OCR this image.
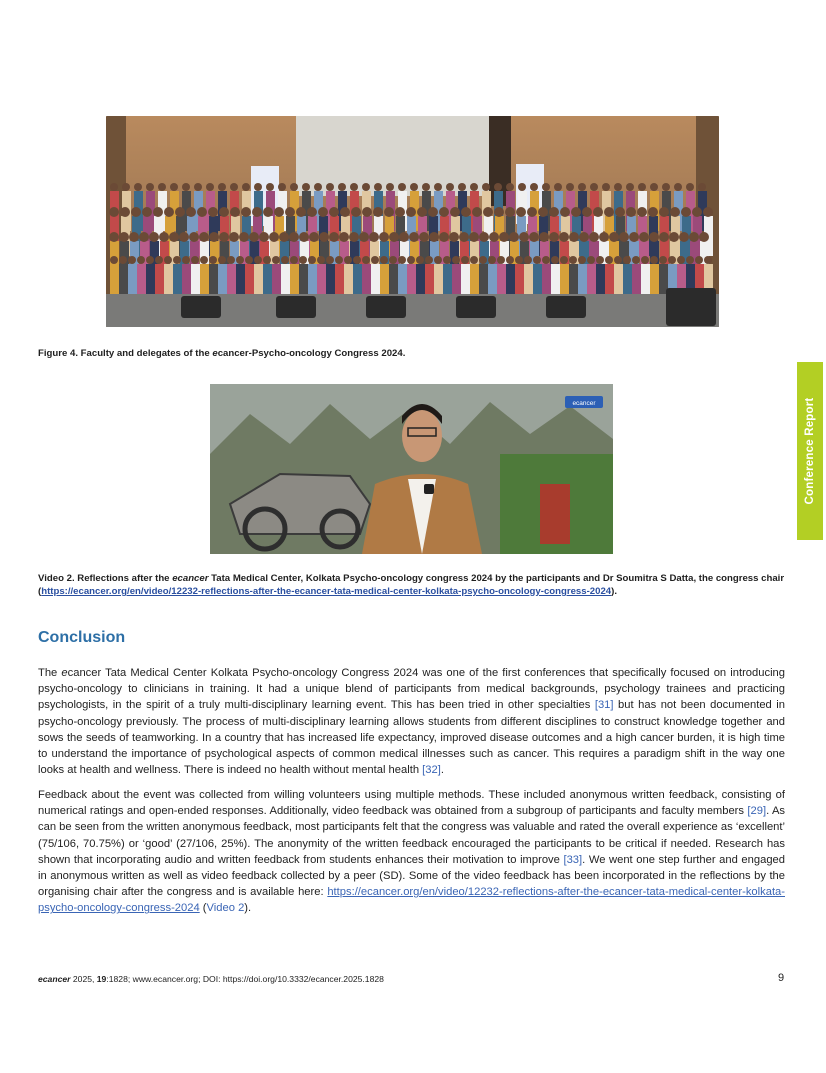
Figure 4. Faculty and delegates of the ecancer-Psycho-oncology Congress 2024.
ecancer
Video 2. Reflections after the ecancer Tata Medical Center, Kolkata Psycho-oncology congress 2024 by the participants and Dr Soumitra S Datta, the congress chair (https://ecancer.org/en/video/12232-reflections-after-the-ecancer-tata-medical-center-kolkata-psycho-oncology-congress-2024).
Conference Report
Conclusion

The ecancer Tata Medical Center Kolkata Psycho-oncology Congress 2024 was one of the first conferences that specifically focused on introducing psycho-oncology to clinicians in training. It had a unique blend of participants from medical backgrounds, psychology trainees and practicing psychologists, in the spirit of a truly multi-disciplinary learning event. This has been tried in other specialties [31] but has not been documented in psycho-oncology previously. The process of multi-disciplinary learning allows students from different disciplines to construct knowledge together and sows the seeds of teamworking. In a country that has increased life expectancy, improved disease outcomes and a high cancer burden, it is high time to understand the importance of psychological aspects of common medical illnesses such as cancer. This requires a paradigm shift in the way one looks at health and wellness. There is indeed no health without mental health [32].

Feedback about the event was collected from willing volunteers using multiple methods. These included anonymous written feedback, consisting of numerical ratings and open-ended responses. Additionally, video feedback was obtained from a subgroup of participants and faculty members [29]. As can be seen from the written anonymous feedback, most participants felt that the congress was valuable and rated the overall experience as ‘excellent’ (75/106, 70.75%) or ‘good’ (27/106, 25%). The anonymity of the written feedback encouraged the participants to be critical if needed. Research has shown that incorporating audio and written feedback from students enhances their motivation to improve [33]. We went one step further and engaged in anonymous written as well as video feedback collected by a peer (SD). Some of the video feedback has been incorporated in the reflections by the organising chair after the congress and is available here: https://ecancer.org/en/video/12232-reflections-after-the-ecancer-tata-medical-center-kolkata-psycho-oncology-congress-2024 (Video 2).

ecancer 2025, 19:1828; www.ecancer.org; DOI: https://doi.org/10.3332/ecancer.2025.1828	9
